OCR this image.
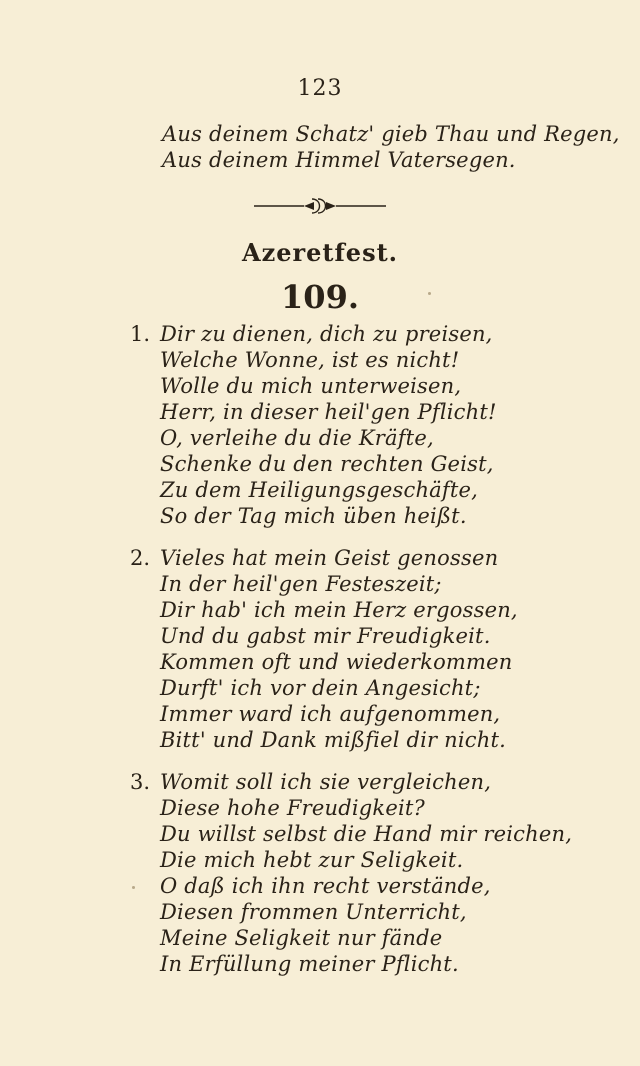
123
Aus deinem Schatz' gieb Thau und Regen,
Aus deinem Himmel Vatersegen.
Azeretfest.
109.
1. Dir zu dienen, dich zu preisen,
Welche Wonne, ist es nicht!
Wolle du mich unterweisen,
Herr, in dieser heil'gen Pflicht!
O, verleihe du die Kräfte,
Schenke du den rechten Geist,
Zu dem Heiligungsgeschäfte,
So der Tag mich üben heißt.
2. Vieles hat mein Geist genossen
In der heil'gen Festeszeit;
Dir hab' ich mein Herz ergossen,
Und du gabst mir Freudigkeit.
Kommen oft und wiederkommen
Durft' ich vor dein Angesicht;
Immer ward ich aufgenommen,
Bitt' und Dank mißfiel dir nicht.
3. Womit soll ich sie vergleichen,
Diese hohe Freudigkeit?
Du willst selbst die Hand mir reichen,
Die mich hebt zur Seligkeit.
O daß ich ihn recht verstände,
Diesen frommen Unterricht,
Meine Seligkeit nur fände
In Erfüllung meiner Pflicht.
